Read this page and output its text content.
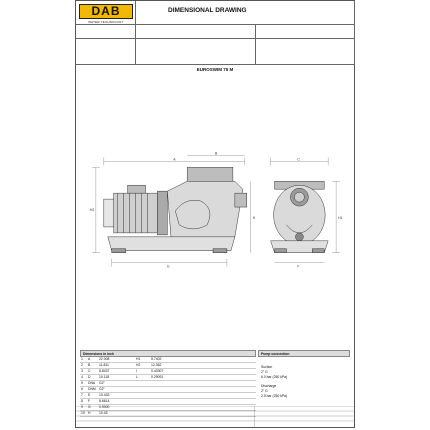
DAB
WATER TECHNOLOGY
DIMENSIONAL DRAWING
EUROSWIM 75 M
A
B
H2
E
H
C
H1
F
Dimensions in inch
1	A	22.008	H1	5.7402
2	B	11.811	H2	12.362
3	C	8.8437	I	0.43307
4	D	10.118	L	0.29091
5	DNA	G2"
6	DNM G2"
7	E	10.433
8	F	8.6614
9	G	0.9000
10 H	10.43
Pump connection
Suction
2" G
6.0 bar (250 kPa)
Discharge
2" G
2.5 bar (250 kPa)
